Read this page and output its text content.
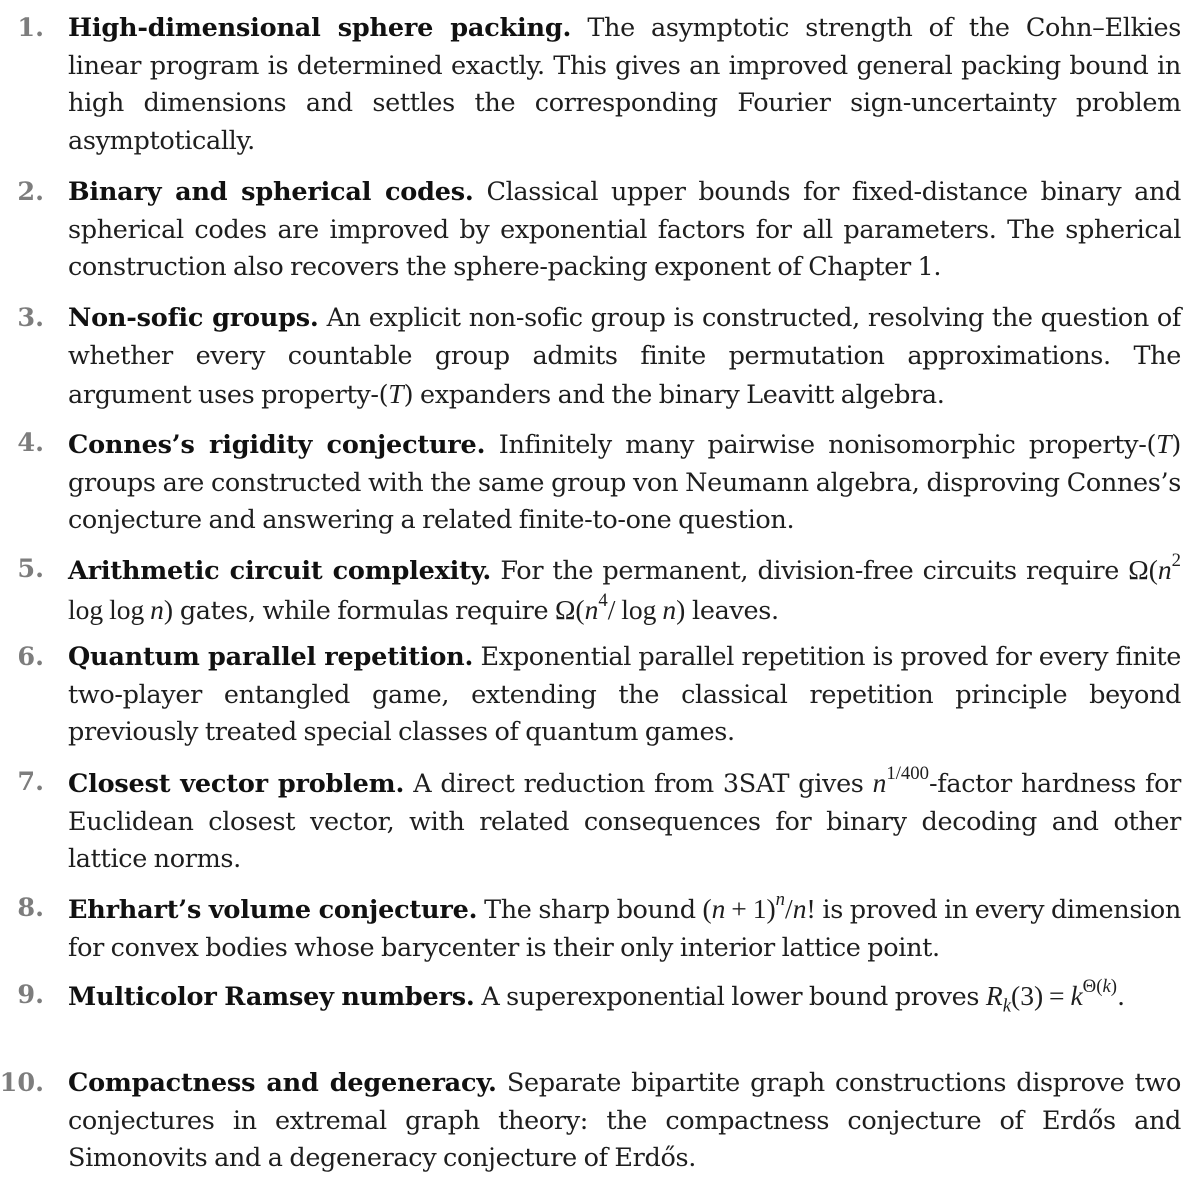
1. High-dimensional sphere packing. The asymptotic strength of the Cohn–Elkies linear program is determined exactly. This gives an improved general packing bound in high dimensions and settles the corresponding Fourier sign-uncertainty problem asymptotically.
2. Binary and spherical codes. Classical upper bounds for fixed-distance binary and spherical codes are improved by exponential factors for all parameters. The spherical construction also recovers the sphere-packing exponent of Chapter 1.
3. Non-sofic groups. An explicit non-sofic group is constructed, resolving the question of whether every countable group admits finite permutation approximations. The argument uses property-(T) expanders and the binary Leavitt algebra.
4. Connes’s rigidity conjecture. Infinitely many pairwise nonisomorphic property-(T) groups are constructed with the same group von Neumann algebra, disproving Connes’s conjecture and answering a related finite-to-one question.
5. Arithmetic circuit complexity. For the permanent, division-free circuits require $\Omega(n^2$ log log n) gates, while formulas require $\Omega(n^4/$ log n) leaves.
6. Quantum parallel repetition. Exponential parallel repetition is proved for every finite two-player entangled game, extending the classical repetition principle beyond previously treated special classes of quantum games.
7. Closest vector problem. A direct reduction from 3SAT gives $n^{1/400}$-factor hardness for Euclidean closest vector, with related consequences for binary decoding and other lattice norms.
8. Ehrhart’s volume conjecture. The sharp bound $(n + 1)^n/n$! is proved in every dimension for convex bodies whose barycenter is their only interior lattice point.
9. Multicolor Ramsey numbers. A superexponential lower bound proves $R_k(3) = k^{\Theta(k)}$.
10. Compactness and degeneracy. Separate bipartite graph constructions disprove two conjectures in extremal graph theory: the compactness conjecture of Erdős and Simonovits and a degeneracy conjecture of Erdős.
